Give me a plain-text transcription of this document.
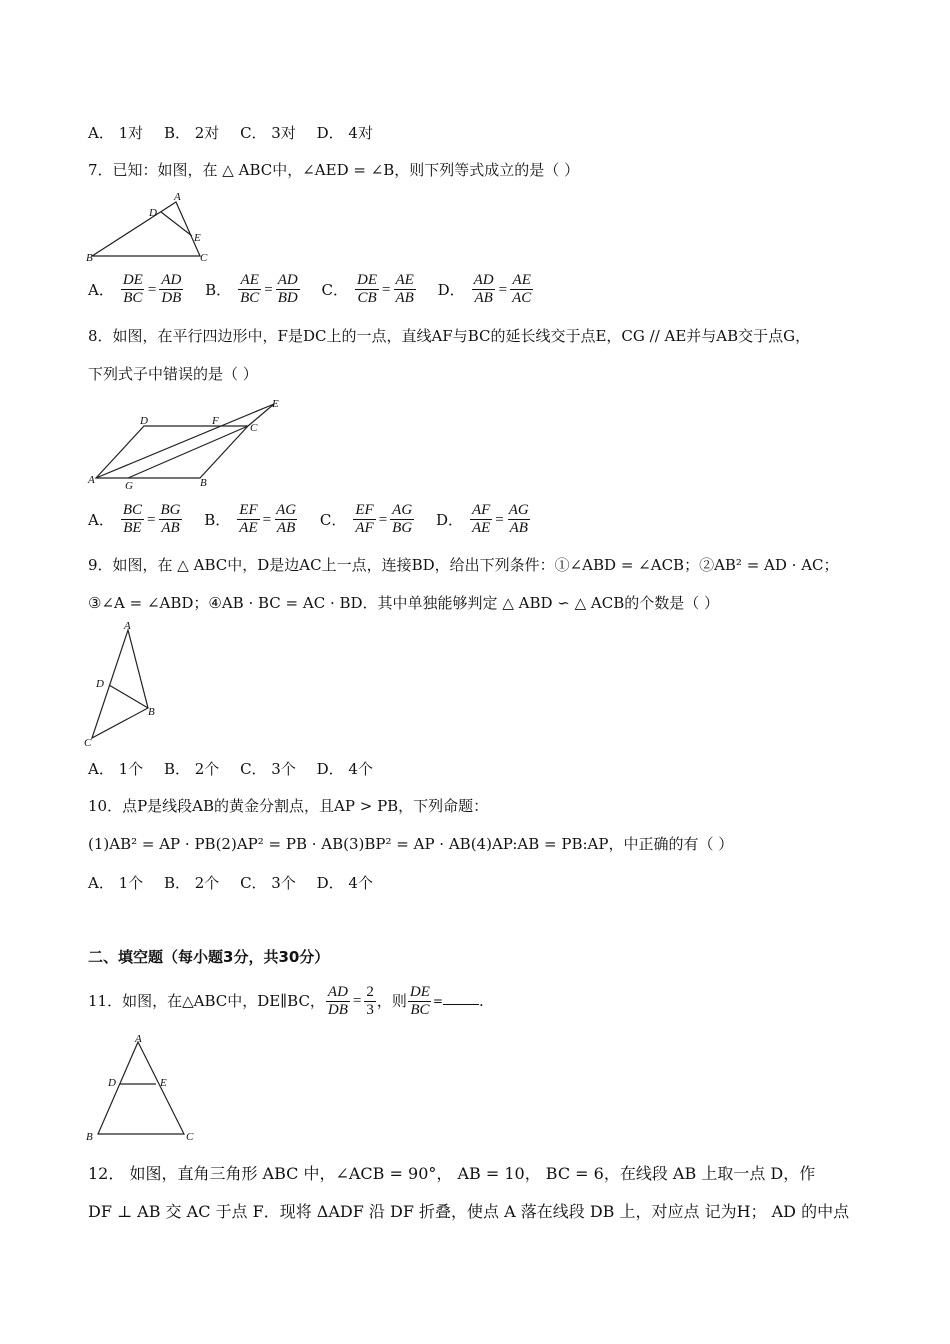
A． 1对 B． 2对 C． 3对 D． 4对
7．已知：如图，在 △ ABC中，∠AED = ∠B，则下列等式成立的是（ ）
A
B	C
D
E
A． $\frac{DE}{BC} = \frac{AD}{DB}$ B． $\frac{AE}{BC} = \frac{AD}{BD}$ C． $\frac{DE}{CB} = \frac{AE}{AB}$ D． $\frac{AD}{AB} = \frac{AE}{AC}$
8．如图，在平行四边形中，F是DC上的一点，直线AF与BC的延长线交于点E，CG // AE并与AB交于点G，
下列式子中错误的是（ ）
A	B
C
D
E
F
G
A． $\frac{BC}{BE} = \frac{BG}{AB}$ B． $\frac{EF}{AE} = \frac{AG}{AB}$ C． $\frac{EF}{AF} = \frac{AG}{BG}$ D． $\frac{AF}{AE} = \frac{AG}{AB}$
9．如图，在 △ ABC中，D是边AC上一点，连接BD，给出下列条件：①∠ABD = ∠ACB；②AB² = AD · AC；
③∠A = ∠ABD；④AB · BC = AC · BD．其中单独能够判定 △ ABD ∽ △ ACB的个数是（ ）
A
B
C
D
A． 1个 B． 2个 C． 3个 D． 4个
10．点P是线段AB的黄金分割点，且AP > PB，下列命题：
(1)AB² = AP · PB(2)AP² = PB · AB(3)BP² = AP · AB(4)AP:AB = PB:AP，中正确的有（ ）
A． 1个 B． 2个 C． 3个 D． 4个
二、填空题（每小题3分，共30分）
11．如图，在△ABC中，DE∥BC， $\frac{AD}{DB} = \frac{2}{3}$ ，则 $\frac{DE}{BC}$ = .
A
B	C
D	E
12． 如图，直角三角形 ABC 中，∠ACB = 90°， AB = 10， BC = 6，在线段 AB 上取一点 D，作
DF ⊥ AB 交 AC 于点 F．现将 ΔADF 沿 DF 折叠，使点 A 落在线段 DB 上，对应点 记为H； AD 的中点
